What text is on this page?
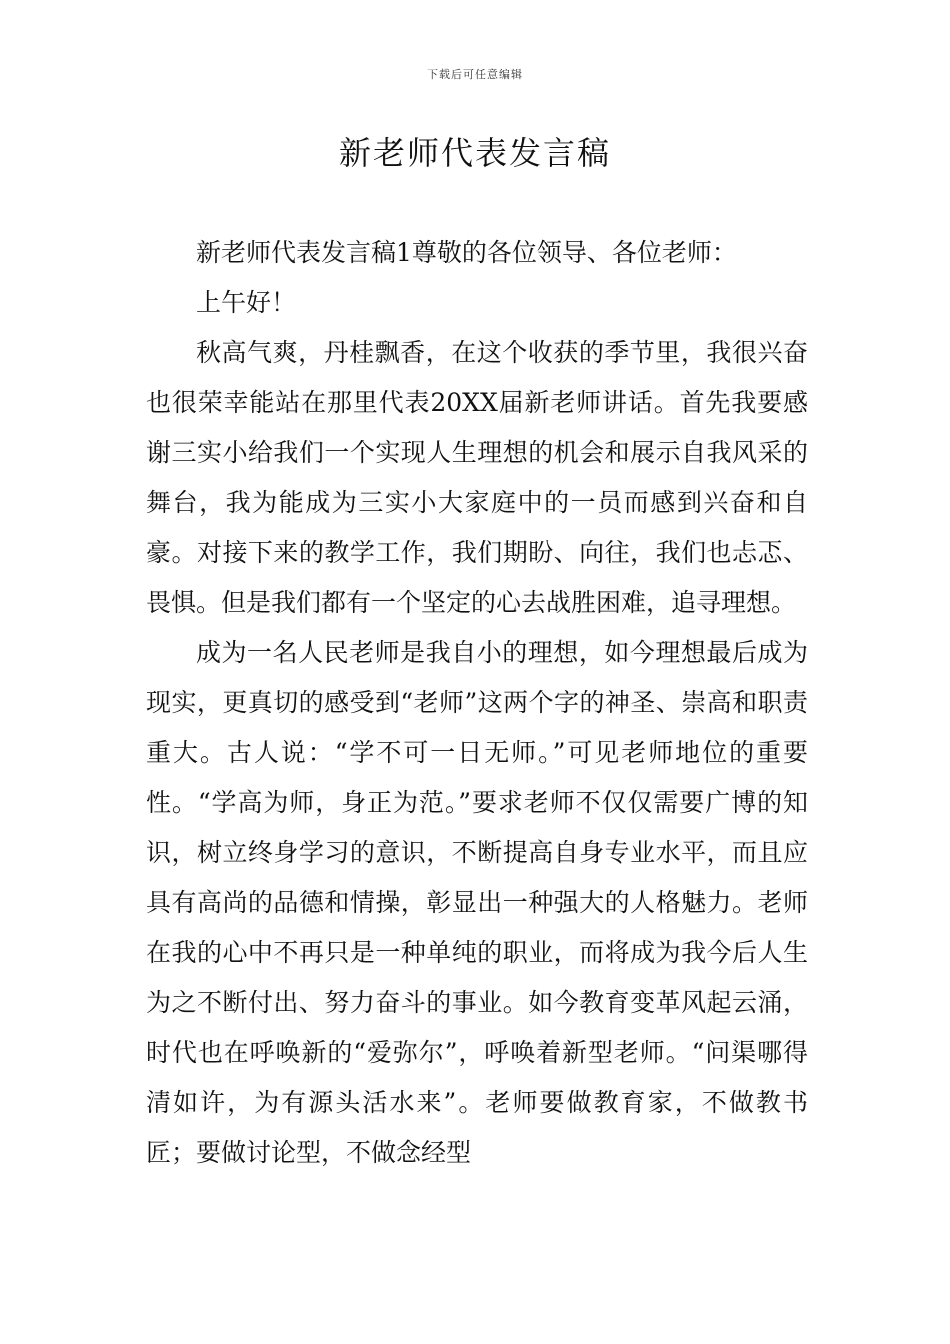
下载后可任意编辑
新老师代表发言稿

新老师代表发言稿1尊敬的各位领导、各位老师：

上午好！

秋高气爽，丹桂飘香，在这个收获的季节里，我很兴奋也很荣幸能站在那里代表20XX届新老师讲话。首先我要感谢三实小给我们一个实现人生理想的机会和展示自我风采的舞台，我为能成为三实小大家庭中的一员而感到兴奋和自豪。对接下来的教学工作，我们期盼、向往，我们也忐忑、畏惧。但是我们都有一个坚定的心去战胜困难，追寻理想。

成为一名人民老师是我自小的理想，如今理想最后成为现实，更真切的感受到“老师”这两个字的神圣、崇高和职责重大。古人说：“学不可一日无师。”可见老师地位的重要性。“学高为师，身正为范。”要求老师不仅仅需要广博的知识，树立终身学习的意识，不断提高自身专业水平，而且应具有高尚的品德和情操，彰显出一种强大的人格魅力。老师在我的心中不再只是一种单纯的职业，而将成为我今后人生为之不断付出、努力奋斗的事业。如今教育变革风起云涌，时代也在呼唤新的“爱弥尔”，呼唤着新型老师。“问渠哪得清如许，为有源头活水来”。老师要做教育家，不做教书匠；要做讨论型，不做念经型
